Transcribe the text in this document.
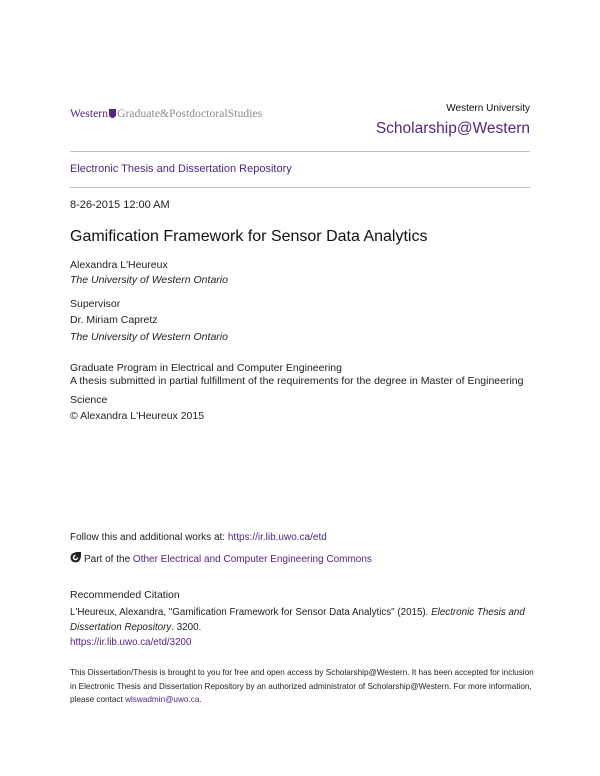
Western Graduate&PostdoctoralStudies	Western University
Scholarship@Western
Electronic Thesis and Dissertation Repository
8-26-2015 12:00 AM
Gamification Framework for Sensor Data Analytics
Alexandra L'Heureux
The University of Western Ontario
Supervisor
Dr. Miriam Capretz
The University of Western Ontario
Graduate Program in Electrical and Computer Engineering
A thesis submitted in partial fulfillment of the requirements for the degree in Master of Engineering Science
© Alexandra L'Heureux 2015
Follow this and additional works at: https://ir.lib.uwo.ca/etd
Part of the Other Electrical and Computer Engineering Commons
Recommended Citation
L'Heureux, Alexandra, "Gamification Framework for Sensor Data Analytics" (2015). Electronic Thesis and Dissertation Repository. 3200.
https://ir.lib.uwo.ca/etd/3200
This Dissertation/Thesis is brought to you for free and open access by Scholarship@Western. It has been accepted for inclusion in Electronic Thesis and Dissertation Repository by an authorized administrator of Scholarship@Western. For more information, please contact wlswadmin@uwo.ca.
